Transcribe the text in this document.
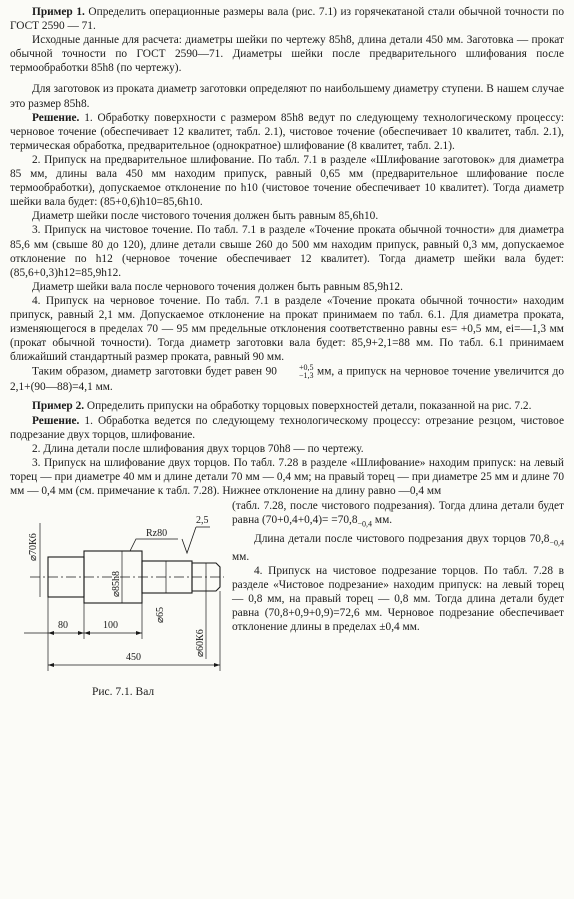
Пример 1. Определить операционные размеры вала (рис. 7.1) из горячекатаной стали обычной точности по ГОСТ 2590 — 71.

Исходные данные для расчета: диаметры шейки по чертежу 85h8, длина детали 450 мм. Заготовка — прокат обычной точности по ГОСТ 2590—71. Диаметры шейки после предварительного шлифования после термообработки 85h8 (по чертежу).

Для заготовок из проката диаметр заготовки определяют по наибольшему диаметру ступени. В нашем случае это размер 85h8.

Решение. 1. Обработку поверхности с размером 85h8 ведут по следующему технологическому процессу: черновое точение (обеспечивает 12 квалитет, табл. 2.1), чистовое точение (обеспечивает 10 квалитет, табл. 2.1), термическая обработка, предварительное (однократное) шлифование (8 квалитет, табл. 2.1).

2. Припуск на предварительное шлифование. По табл. 7.1 в разделе «Шлифование заготовок» для диаметра 85 мм, длины вала 450 мм находим припуск, равный 0,65 мм (предварительное шлифование после термообработки), допускаемое отклонение по h10 (чистовое точение обеспечивает 10 квалитет). Тогда диаметр шейки вала будет: (85+0,6)h10=85,6h10.

Диаметр шейки после чистового точения должен быть равным 85,6h10.

3. Припуск на чистовое точение. По табл. 7.1 в разделе «Точение проката обычной точности» для диаметра 85,6 мм (свыше 80 до 120), длине детали свыше 260 до 500 мм находим припуск, равный 0,3 мм, допускаемое отклонение по h12 (черновое точение обеспечивает 12 квалитет). Тогда диаметр шейки вала будет: (85,6+0,3)h12=85,9h12.

Диаметр шейки вала после чернового точения должен быть равным 85,9h12.

4. Припуск на черновое точение. По табл. 7.1 в разделе «Точение проката обычной точности» находим припуск, равный 2,1 мм. Допускаемое отклонение на прокат принимаем по табл. 6.1. Для диаметра проката, изменяющегося в пределах 70 — 95 мм предельные отклонения соответственно равны es= +0,5 мм, ei=—1,3 мм (прокат обычной точности). Тогда диаметр заготовки вала будет: 85,9+2,1=88 мм. По табл. 6.1 принимаем ближайший стандартный размер проката, равный 90 мм.

Таким образом, диаметр заготовки будет равен 90	+0,5
−1,3 мм, а припуск на черновое точение увеличится до 2,1+(90—88)=4,1 мм.

Пример 2. Определить припуски на обработку торцовых поверхностей детали, показанной на рис. 7.2.

Решение. 1. Обработка ведется по следующему технологическому процессу: отрезание резцом, чистовое подрезание двух торцов, шлифование.

2. Длина детали после шлифования двух торцов 70h8 — по чертежу.

3. Припуск на шлифование двух торцов. По табл. 7.28 в разделе «Шлифование» находим припуск: на левый торец — при диаметре 40 мм и длине детали 70 мм — 0,4 мм; на правый торец — при диаметре 25 мм и длине 70 мм — 0,4 мм (см. примечание к табл. 7.28). Нижнее отклонение на длину равно —0,4 мм

⌀70К6
⌀85h8
⌀65
⌀60К6
Rz80
2,5
80	100
450
Рис. 7.1. Вал

(табл. 7.28, после чистового подрезания). Тогда длина детали будет равна $(70+0,4+0,4)= =70,8_{-0,4}$ мм.

Длина детали после чистового подрезания двух торцов $70,8_{-0,4}$ мм.

4. Припуск на чистовое подрезание торцов. По табл. 7.28 в разделе «Чистовое подрезание» находим припуск: на левый торец — 0,8 мм, на правый торец — 0,8 мм. Тогда длина детали будет равна (70,8+0,9+0,9)=72,6 мм. Черновое подрезание обеспечивает отклонение длины в пределах ±0,4 мм.
